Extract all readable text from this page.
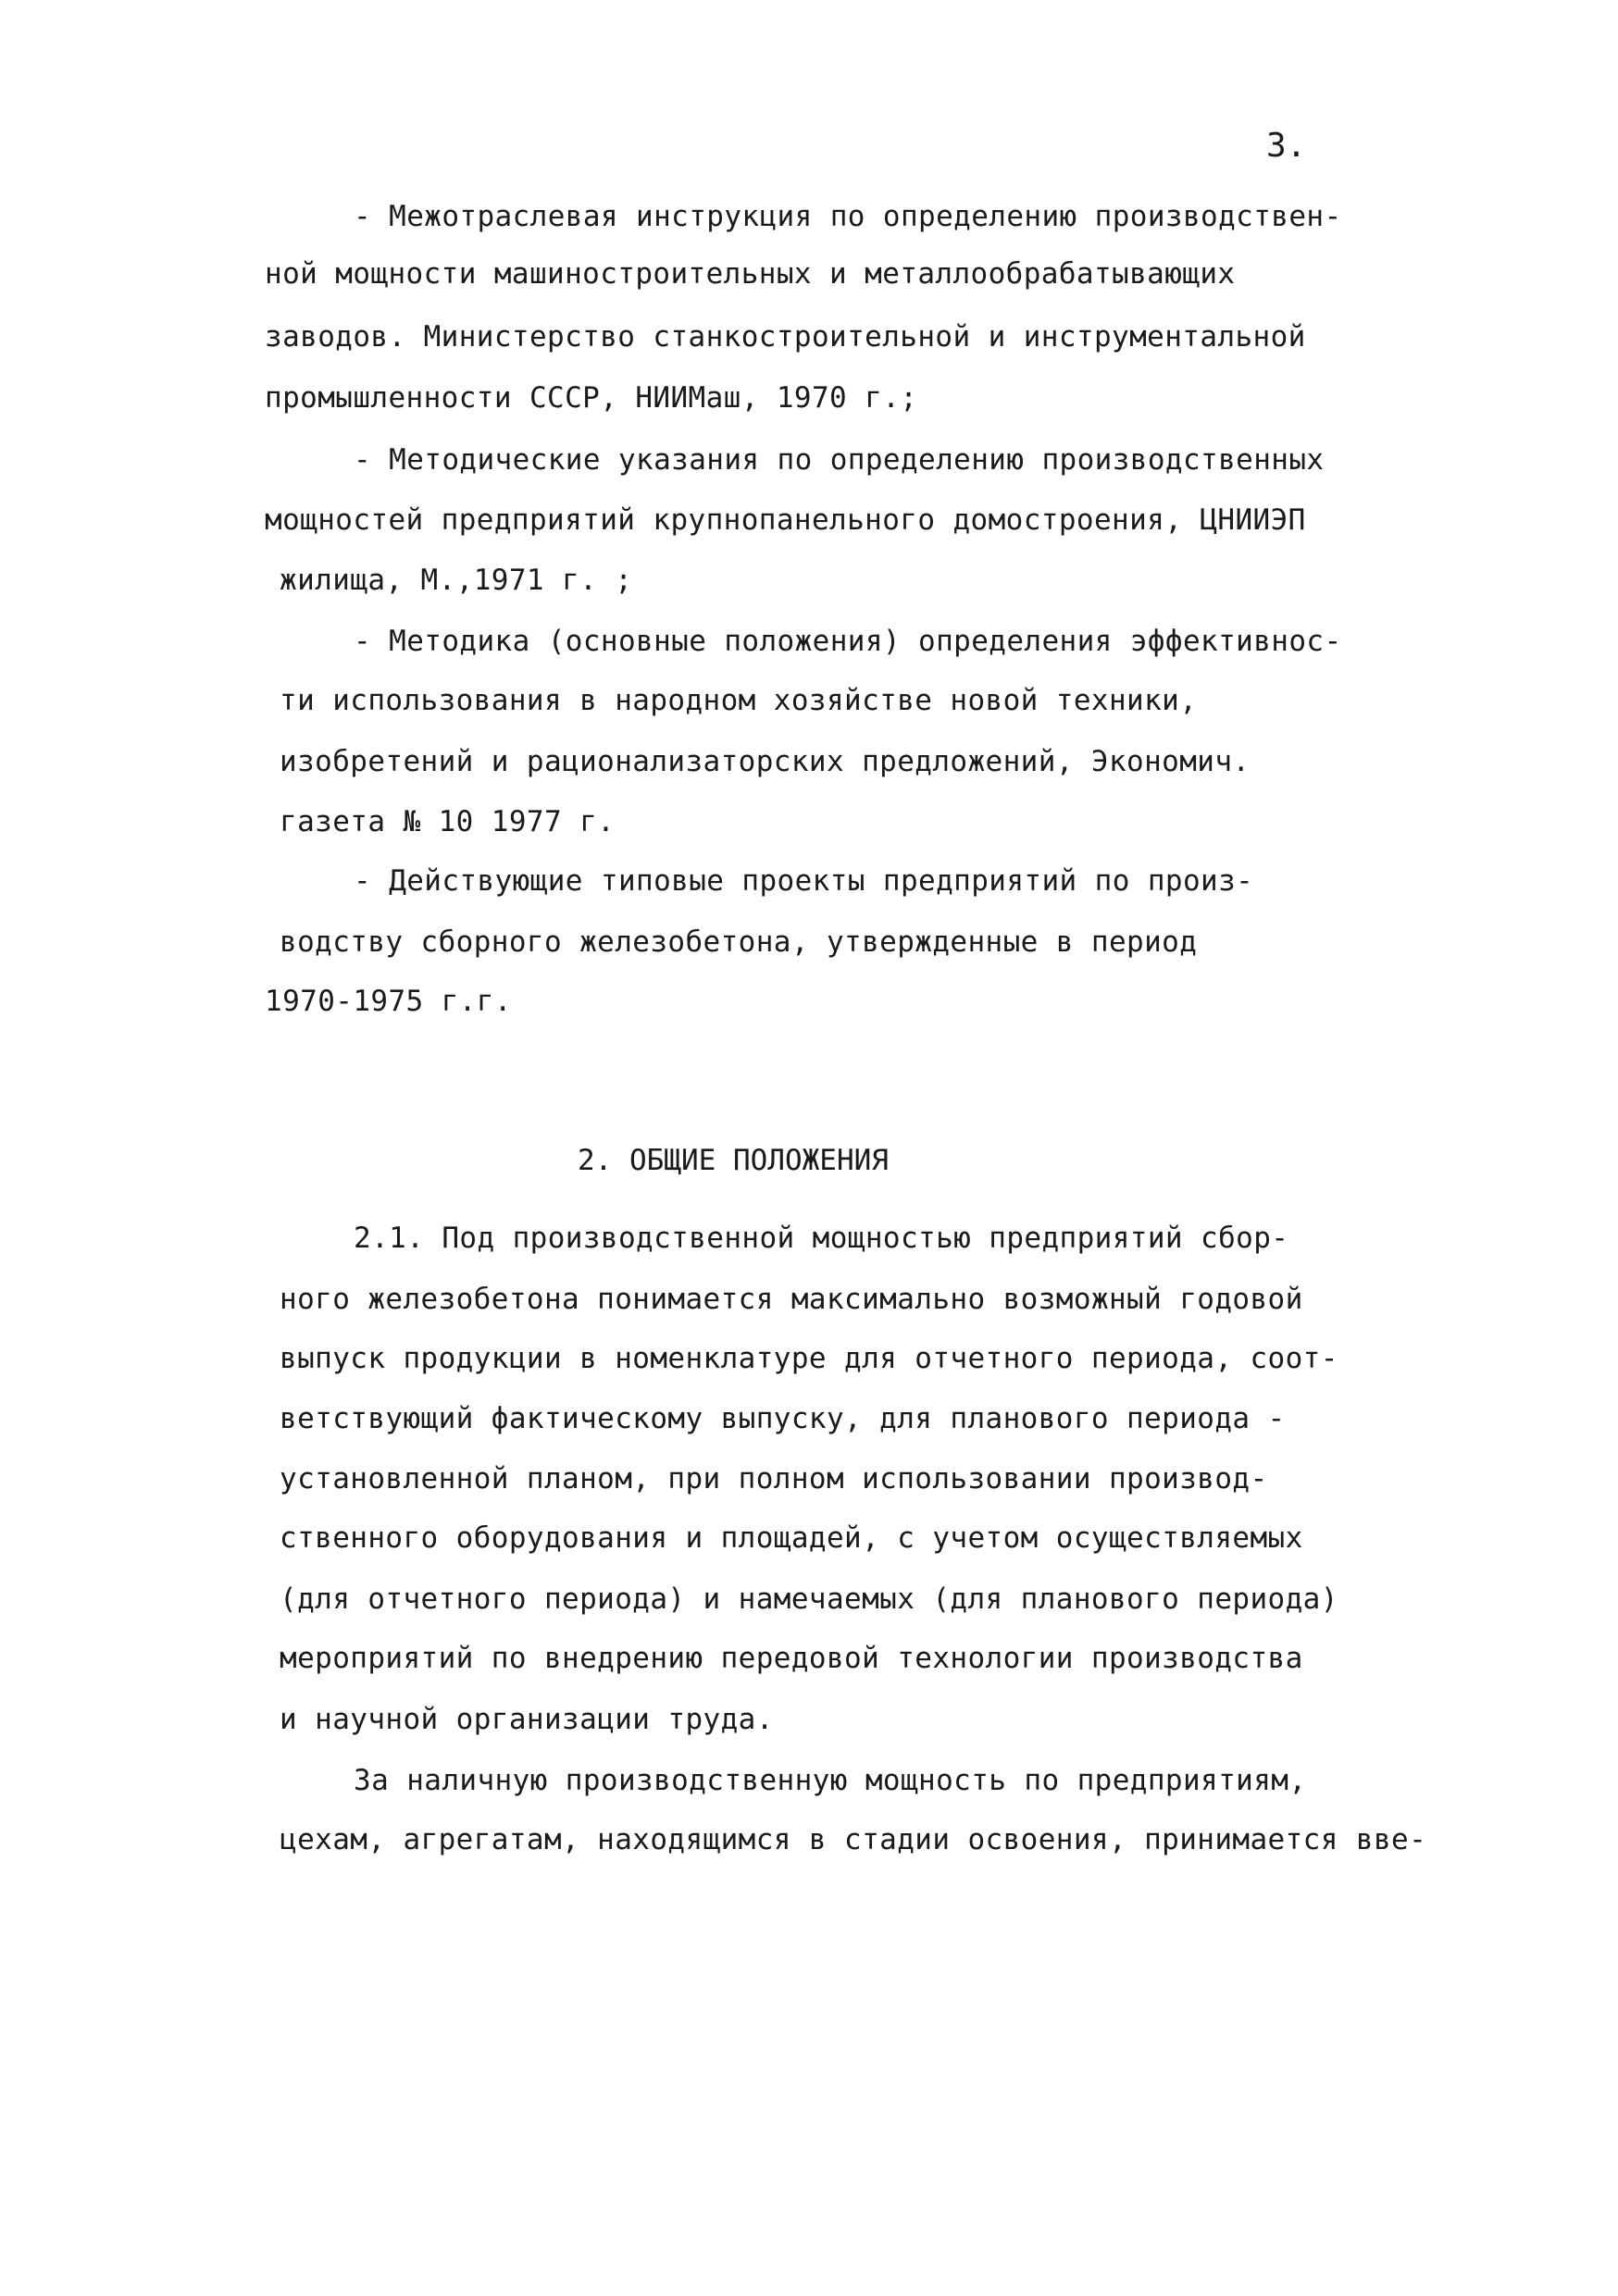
3.
- Межотраслевая инструкция по определению производствен-
ной мощности машиностроительных и металлообрабатывающих
заводов. Министерство станкостроительной и инструментальной
промышленности СССР, НИИМаш, 1970 г.;
- Методические указания по определению производственных
мощностей предприятий крупнопанельного домостроения, ЦНИИЭП
жилища, М.,1971 г. ;
- Методика (основные положения) определения эффективнос-
ти использования в народном хозяйстве новой техники,
изобретений и рационализаторских предложений, Экономич.
газета № 10 1977 г.
- Действующие типовые проекты предприятий по произ-
водству сборного железобетона, утвержденные в период
1970-1975 г.г.
2. ОБЩИЕ ПОЛОЖЕНИЯ
2.1. Под производственной мощностью предприятий сбор-
ного железобетона понимается максимально возможный годовой
выпуск продукции в номенклатуре для отчетного периода, соот-
ветствующий фактическому выпуску, для планового периода -
установленной планом, при полном использовании производ-
ственного оборудования и площадей, с учетом осуществляемых
(для отчетного периода) и намечаемых (для планового периода)
мероприятий по внедрению передовой технологии производства
и научной организации труда.
За наличную производственную мощность по предприятиям,
цехам, агрегатам, находящимся в стадии освоения, принимается вве-
